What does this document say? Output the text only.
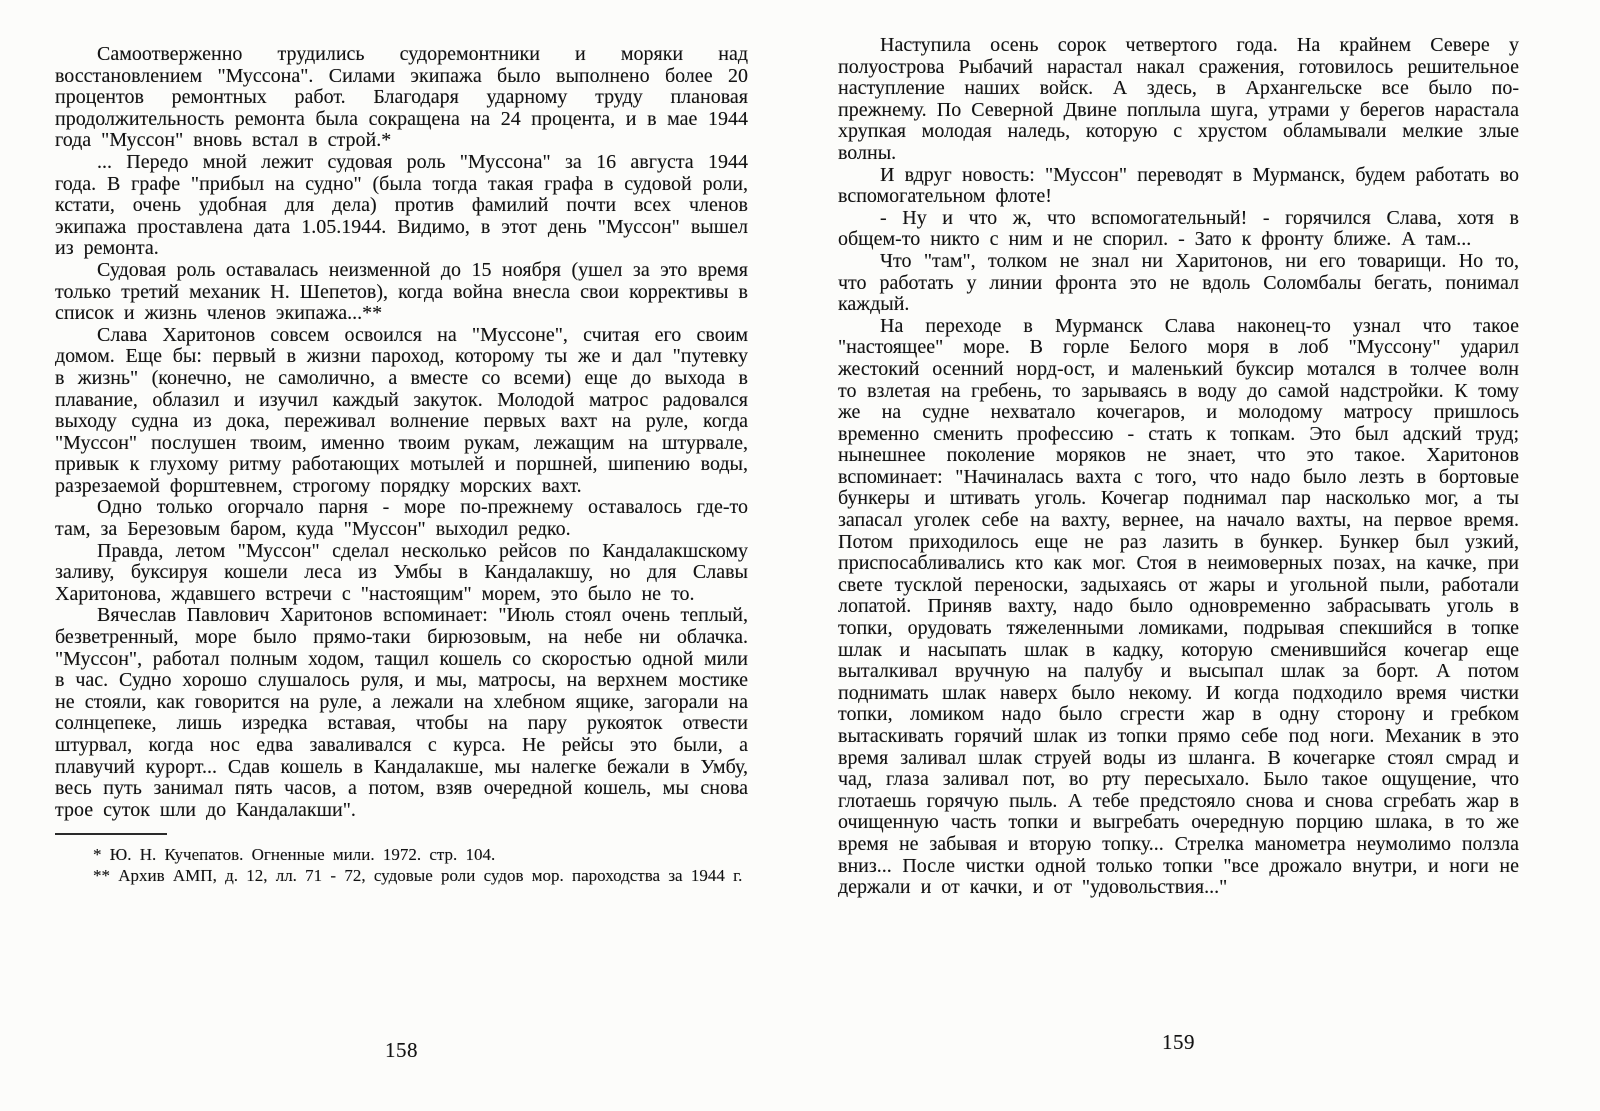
Самоотверженно трудились судоремонтники и моряки над восстановлением "Муссона". Силами экипажа было выполнено более 20 процентов ремонтных работ. Благодаря ударному труду плановая продолжительность ремонта была сокращена на 24 процента, и в мае 1944 года "Муссон" вновь встал в строй.*

... Передо мной лежит судовая роль "Муссона" за 16 августа 1944 года. В графе "прибыл на судно" (была тогда такая графа в судовой роли, кстати, очень удобная для дела) против фамилий почти всех членов экипажа проставлена дата 1.05.1944. Видимо, в этот день "Муссон" вышел из ремонта.

Судовая роль оставалась неизменной до 15 ноября (ушел за это время только третий механик Н. Шепетов), когда война внесла свои коррективы в список и жизнь членов экипажа...**

Слава Харитонов совсем освоился на "Муссоне", считая его своим домом. Еще бы: первый в жизни пароход, которому ты же и дал "путевку в жизнь" (конечно, не самолично, а вместе со всеми) еще до выхода в плавание, облазил и изучил каждый закуток. Молодой матрос радовался выходу судна из дока, переживал волнение первых вахт на руле, когда "Муссон" послушен твоим, именно твоим рукам, лежащим на штурвале, привык к глухому ритму работающих мотылей и поршней, шипению воды, разрезаемой форштевнем, строгому порядку морских вахт.

Одно только огорчало парня - море по-прежнему оставалось где-то там, за Березовым баром, куда "Муссон" выходил редко.

Правда, летом "Муссон" сделал несколько рейсов по Кандалакшскому заливу, буксируя кошели леса из Умбы в Кандалакшу, но для Славы Харитонова, ждавшего встречи с "настоящим" морем, это было не то.

Вячеслав Павлович Харитонов вспоминает: "Июль стоял очень теплый, безветренный, море было прямо-таки бирюзовым, на небе ни облачка. "Муссон", работал полным ходом, тащил кошель со скоростью одной мили в час. Судно хорошо слушалось руля, и мы, матросы, на верхнем мостике не стояли, как говорится на руле, а лежали на хлебном ящике, загорали на солнцепеке, лишь изредка вставая, чтобы на пару рукояток отвести штурвал, когда нос едва заваливался с курса. Не рейсы это были, а плавучий курорт... Сдав кошель в Кандалакше, мы налегке бежали в Умбу, весь путь занимал пять часов, а потом, взяв очередной кошель, мы снова трое суток шли до Кандалакши".

* Ю. Н. Кучепатов. Огненные мили. 1972. стр. 104.

** Архив АМП, д. 12, лл. 71 - 72, судовые роли судов мор. пароходства за 1944 г.

158

Наступила осень сорок четвертого года. На крайнем Севере у полуострова Рыбачий нарастал накал сражения, готовилось решительное наступление наших войск. А здесь, в Архангельске все было по-прежнему. По Северной Двине поплыла шуга, утрами у берегов нарастала хрупкая молодая наледь, которую с хрустом обламывали мелкие злые волны.

И вдруг новость: "Муссон" переводят в Мурманск, будем работать во вспомогательном флоте!

- Ну и что ж, что вспомогательный! - горячился Слава, хотя в общем-то никто с ним и не спорил. - Зато к фронту ближе. А там...

Что "там", толком не знал ни Харитонов, ни его товарищи. Но то, что работать у линии фронта это не вдоль Соломбалы бегать, понимал каждый.

На переходе в Мурманск Слава наконец-то узнал что такое "настоящее" море. В горле Белого моря в лоб "Муссону" ударил жестокий осенний норд-ост, и маленький буксир мотался в толчее волн то взлетая на гребень, то зарываясь в воду до самой надстройки. К тому же на судне нехватало кочегаров, и молодому матросу пришлось временно сменить профессию - стать к топкам. Это был адский труд; нынешнее поколение моряков не знает, что это такое. Харитонов вспоминает: "Начиналась вахта с того, что надо было лезть в бортовые бункеры и штивать уголь. Кочегар поднимал пар насколько мог, а ты запасал уголек себе на вахту, вернее, на начало вахты, на первое время. Потом приходилось еще не раз лазить в бункер. Бункер был узкий, приспосабливались кто как мог. Стоя в неимоверных позах, на качке, при свете тусклой переноски, задыхаясь от жары и угольной пыли, работали лопатой. Приняв вахту, надо было одновременно забрасывать уголь в топки, орудовать тяжеленными ломиками, подрывая спекшийся в топке шлак и насыпать шлак в кадку, которую сменившийся кочегар еще выталкивал вручную на палубу и высыпал шлак за борт. А потом поднимать шлак наверх было некому. И когда подходило время чистки топки, ломиком надо было сгрести жар в одну сторону и гребком вытаскивать горячий шлак из топки прямо себе под ноги. Механик в это время заливал шлак струей воды из шланга. В кочегарке стоял смрад и чад, глаза заливал пот, во рту пересыхало. Было такое ощущение, что глотаешь горячую пыль. А тебе предстояло снова и снова сгребать жар в очищенную часть топки и выгребать очередную порцию шлака, в то же время не забывая и вторую топку... Стрелка манометра неумолимо ползла вниз... После чистки одной только топки "все дрожало внутри, и ноги не держали и от качки, и от "удовольствия..."

159
